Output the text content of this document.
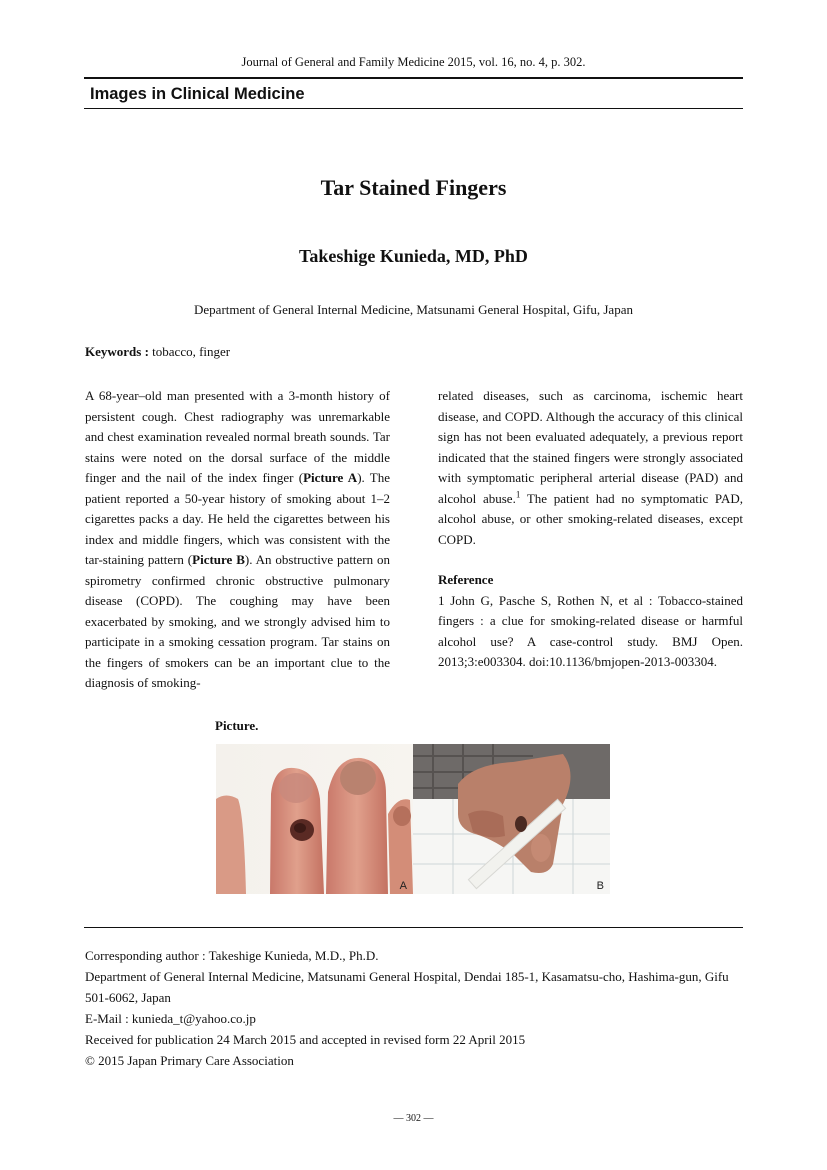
Journal of General and Family Medicine 2015, vol. 16, no. 4, p. 302.
Images in Clinical Medicine
Tar Stained Fingers
Takeshige Kunieda, MD, PhD
Department of General Internal Medicine, Matsunami General Hospital, Gifu, Japan
Keywords : tobacco, finger
A 68-year–old man presented with a 3-month history of persistent cough. Chest radiography was unremarkable and chest examination revealed normal breath sounds. Tar stains were noted on the dorsal surface of the middle finger and the nail of the index finger (Picture A). The patient reported a 50-year history of smoking about 1–2 cigarettes packs a day. He held the cigarettes between his index and middle fingers, which was consistent with the tar-staining pattern (Picture B). An obstructive pattern on spirometry confirmed chronic obstructive pulmonary disease (COPD). The coughing may have been exacerbated by smoking, and we strongly advised him to participate in a smoking cessation program. Tar stains on the fingers of smokers can be an important clue to the diagnosis of smoking-
related diseases, such as carcinoma, ischemic heart disease, and COPD. Although the accuracy of this clinical sign has not been evaluated adequately, a previous report indicated that the stained fingers were strongly associated with symptomatic peripheral arterial disease (PAD) and alcohol abuse.$^1$ The patient had no symptomatic PAD, alcohol abuse, or other smoking-related diseases, except COPD.
Reference
1 John G, Pasche S, Rothen N, et al : Tobacco-stained fingers : a clue for smoking-related disease or harmful alcohol use? A case-control study. BMJ Open. 2013;3:e003304. doi:10.1136/bmjopen-2013-003304.
Picture.
A	B
Corresponding author : Takeshige Kunieda, M.D., Ph.D.
Department of General Internal Medicine, Matsunami General Hospital, Dendai 185-1, Kasamatsu-cho, Hashima-gun, Gifu 501-6062, Japan
E-Mail : kunieda_t@yahoo.co.jp
Received for publication 24 March 2015 and accepted in revised form 22 April 2015
© 2015 Japan Primary Care Association
— 302 —
